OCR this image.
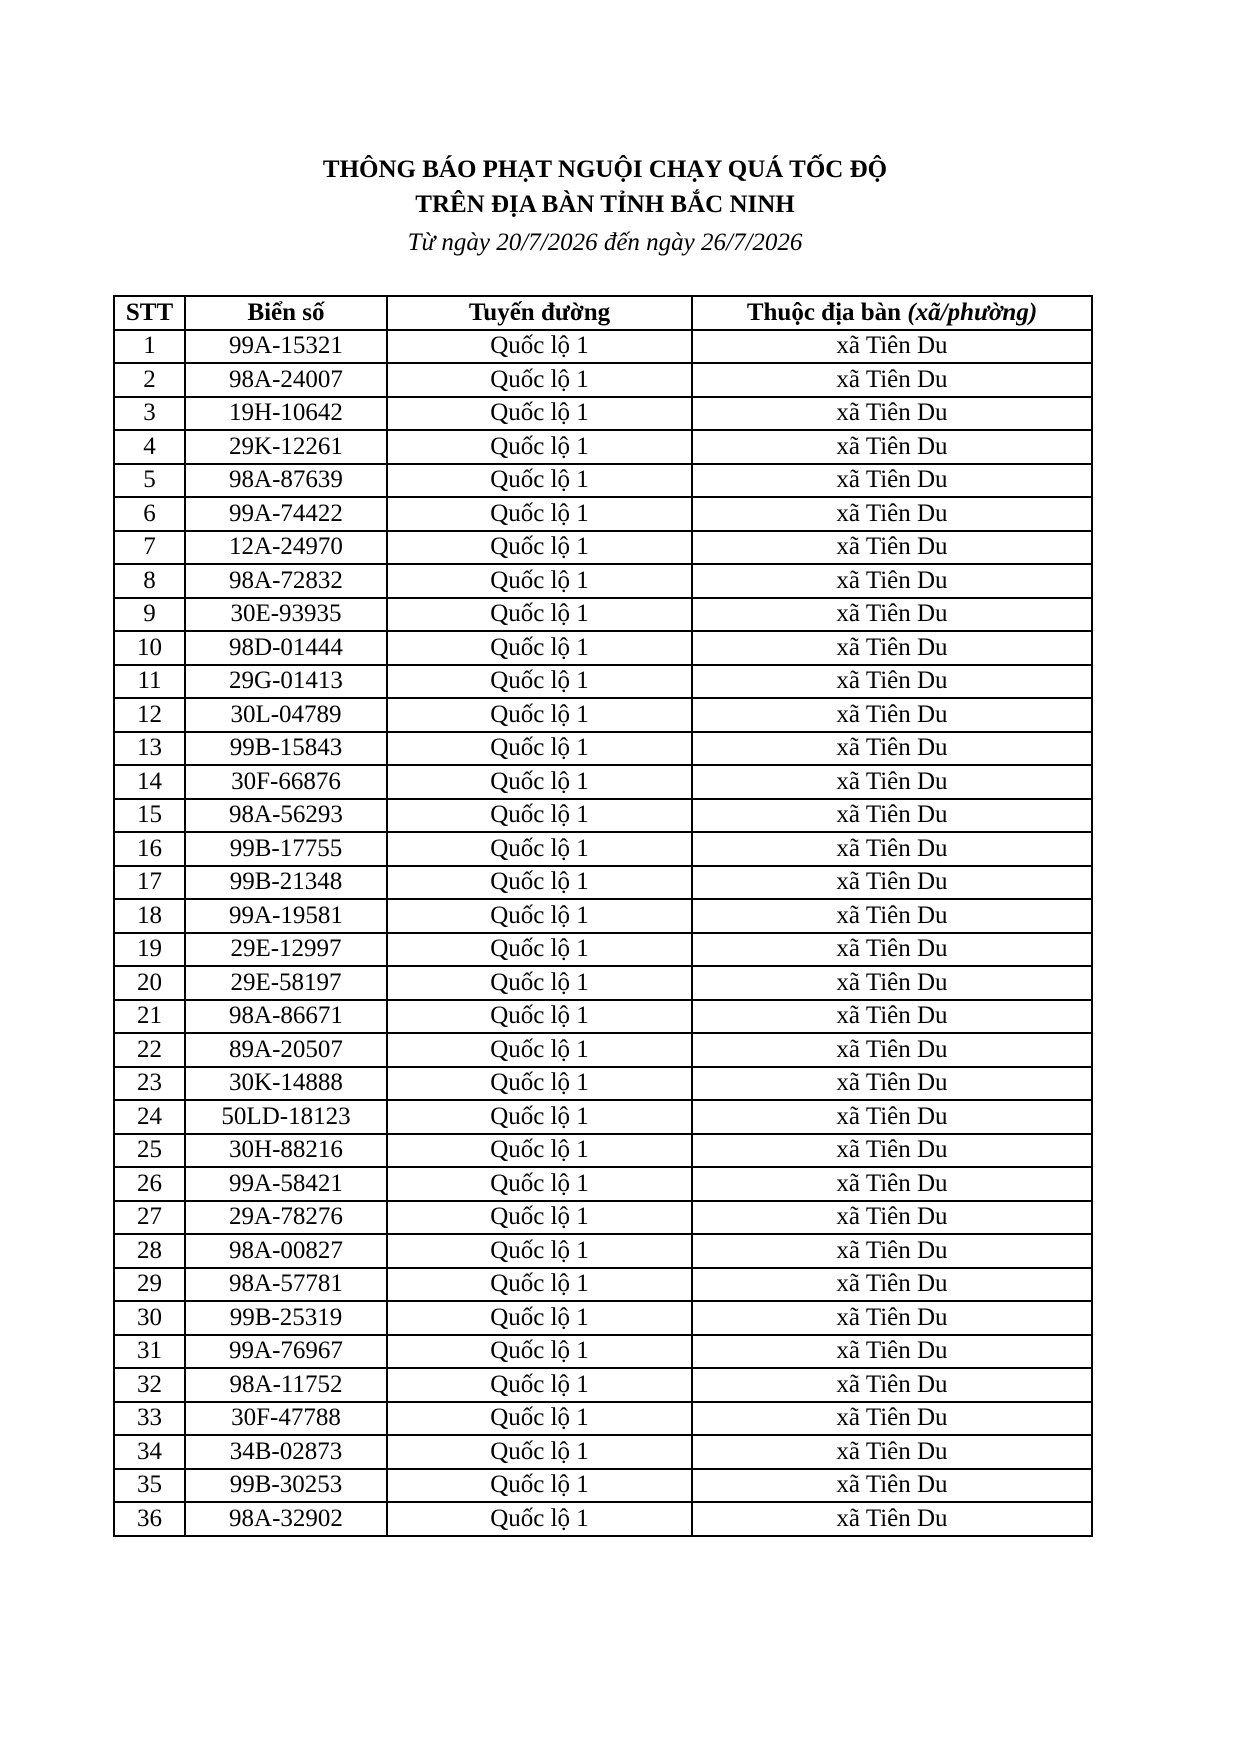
THÔNG BÁO PHẠT NGUỘI CHẠY QUÁ TỐC ĐỘ
TRÊN ĐỊA BÀN TỈNH BẮC NINH
Từ ngày 20/7/2026 đến ngày 26/7/2026
STT	Biển số	Tuyến đường	Thuộc địa bàn (xã/phường)
1	99A-15321	Quốc lộ 1	xã Tiên Du
2	98A-24007	Quốc lộ 1	xã Tiên Du
3	19H-10642	Quốc lộ 1	xã Tiên Du
4	29K-12261	Quốc lộ 1	xã Tiên Du
5	98A-87639	Quốc lộ 1	xã Tiên Du
6	99A-74422	Quốc lộ 1	xã Tiên Du
7	12A-24970	Quốc lộ 1	xã Tiên Du
8	98A-72832	Quốc lộ 1	xã Tiên Du
9	30E-93935	Quốc lộ 1	xã Tiên Du
10	98D-01444	Quốc lộ 1	xã Tiên Du
11	29G-01413	Quốc lộ 1	xã Tiên Du
12	30L-04789	Quốc lộ 1	xã Tiên Du
13	99B-15843	Quốc lộ 1	xã Tiên Du
14	30F-66876	Quốc lộ 1	xã Tiên Du
15	98A-56293	Quốc lộ 1	xã Tiên Du
16	99B-17755	Quốc lộ 1	xã Tiên Du
17	99B-21348	Quốc lộ 1	xã Tiên Du
18	99A-19581	Quốc lộ 1	xã Tiên Du
19	29E-12997	Quốc lộ 1	xã Tiên Du
20	29E-58197	Quốc lộ 1	xã Tiên Du
21	98A-86671	Quốc lộ 1	xã Tiên Du
22	89A-20507	Quốc lộ 1	xã Tiên Du
23	30K-14888	Quốc lộ 1	xã Tiên Du
24	50LD-18123	Quốc lộ 1	xã Tiên Du
25	30H-88216	Quốc lộ 1	xã Tiên Du
26	99A-58421	Quốc lộ 1	xã Tiên Du
27	29A-78276	Quốc lộ 1	xã Tiên Du
28	98A-00827	Quốc lộ 1	xã Tiên Du
29	98A-57781	Quốc lộ 1	xã Tiên Du
30	99B-25319	Quốc lộ 1	xã Tiên Du
31	99A-76967	Quốc lộ 1	xã Tiên Du
32	98A-11752	Quốc lộ 1	xã Tiên Du
33	30F-47788	Quốc lộ 1	xã Tiên Du
34	34B-02873	Quốc lộ 1	xã Tiên Du
35	99B-30253	Quốc lộ 1	xã Tiên Du
36	98A-32902	Quốc lộ 1	xã Tiên Du
